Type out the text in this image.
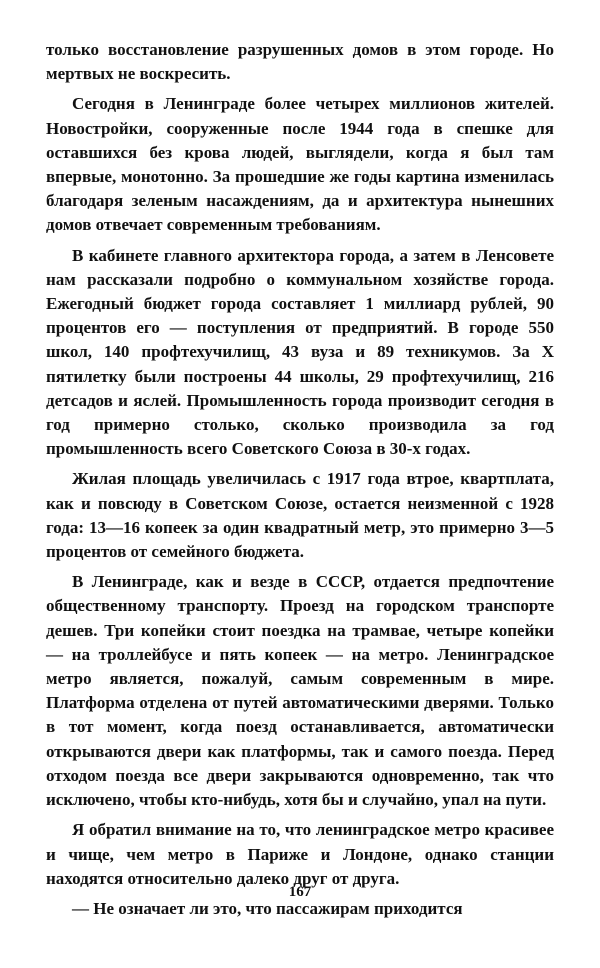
только восстановление разрушенных домов в этом городе. Но мертвых не воскресить.

Сегодня в Ленинграде более четырех миллионов жителей. Новостройки, сооруженные после 1944 года в спешке для оставшихся без крова людей, выглядели, когда я был там впервые, монотонно. За прошедшие же годы картина изменилась благодаря зеленым насаждениям, да и архитектура нынешних домов отвечает современным требованиям.

В кабинете главного архитектора города, а затем в Ленсовете нам рассказали подробно о коммунальном хозяйстве города. Ежегодный бюджет города составляет 1 миллиард рублей, 90 процентов его — поступления от предприятий. В городе 550 школ, 140 профтехучилищ, 43 вуза и 89 техникумов. За X пятилетку были построены 44 школы, 29 профтехучилищ, 216 детсадов и яслей. Промышленность города производит сегодня в год примерно столько, сколько производила за год промышленность всего Советского Союза в 30-х годах.

Жилая площадь увеличилась с 1917 года втрое, квартплата, как и повсюду в Советском Союзе, остается неизменной с 1928 года: 13—16 копеек за один квадратный метр, это примерно 3—5 процентов от семейного бюджета.

В Ленинграде, как и везде в СССР, отдается предпочтение общественному транспорту. Проезд на городском транспорте дешев. Три копейки стоит поездка на трамвае, четыре копейки — на троллейбусе и пять копеек — на метро. Ленинградское метро является, пожалуй, самым современным в мире. Платформа отделена от путей автоматическими дверями. Только в тот момент, когда поезд останавливается, автоматически открываются двери как платформы, так и самого поезда. Перед отходом поезда все двери закрываются одновременно, так что исключено, чтобы кто-нибудь, хотя бы и случайно, упал на пути.

Я обратил внимание на то, что ленинградское метро красивее и чище, чем метро в Париже и Лондоне, однако станции находятся относительно далеко друг от друга.

— Не означает ли это, что пассажирам приходится

167
